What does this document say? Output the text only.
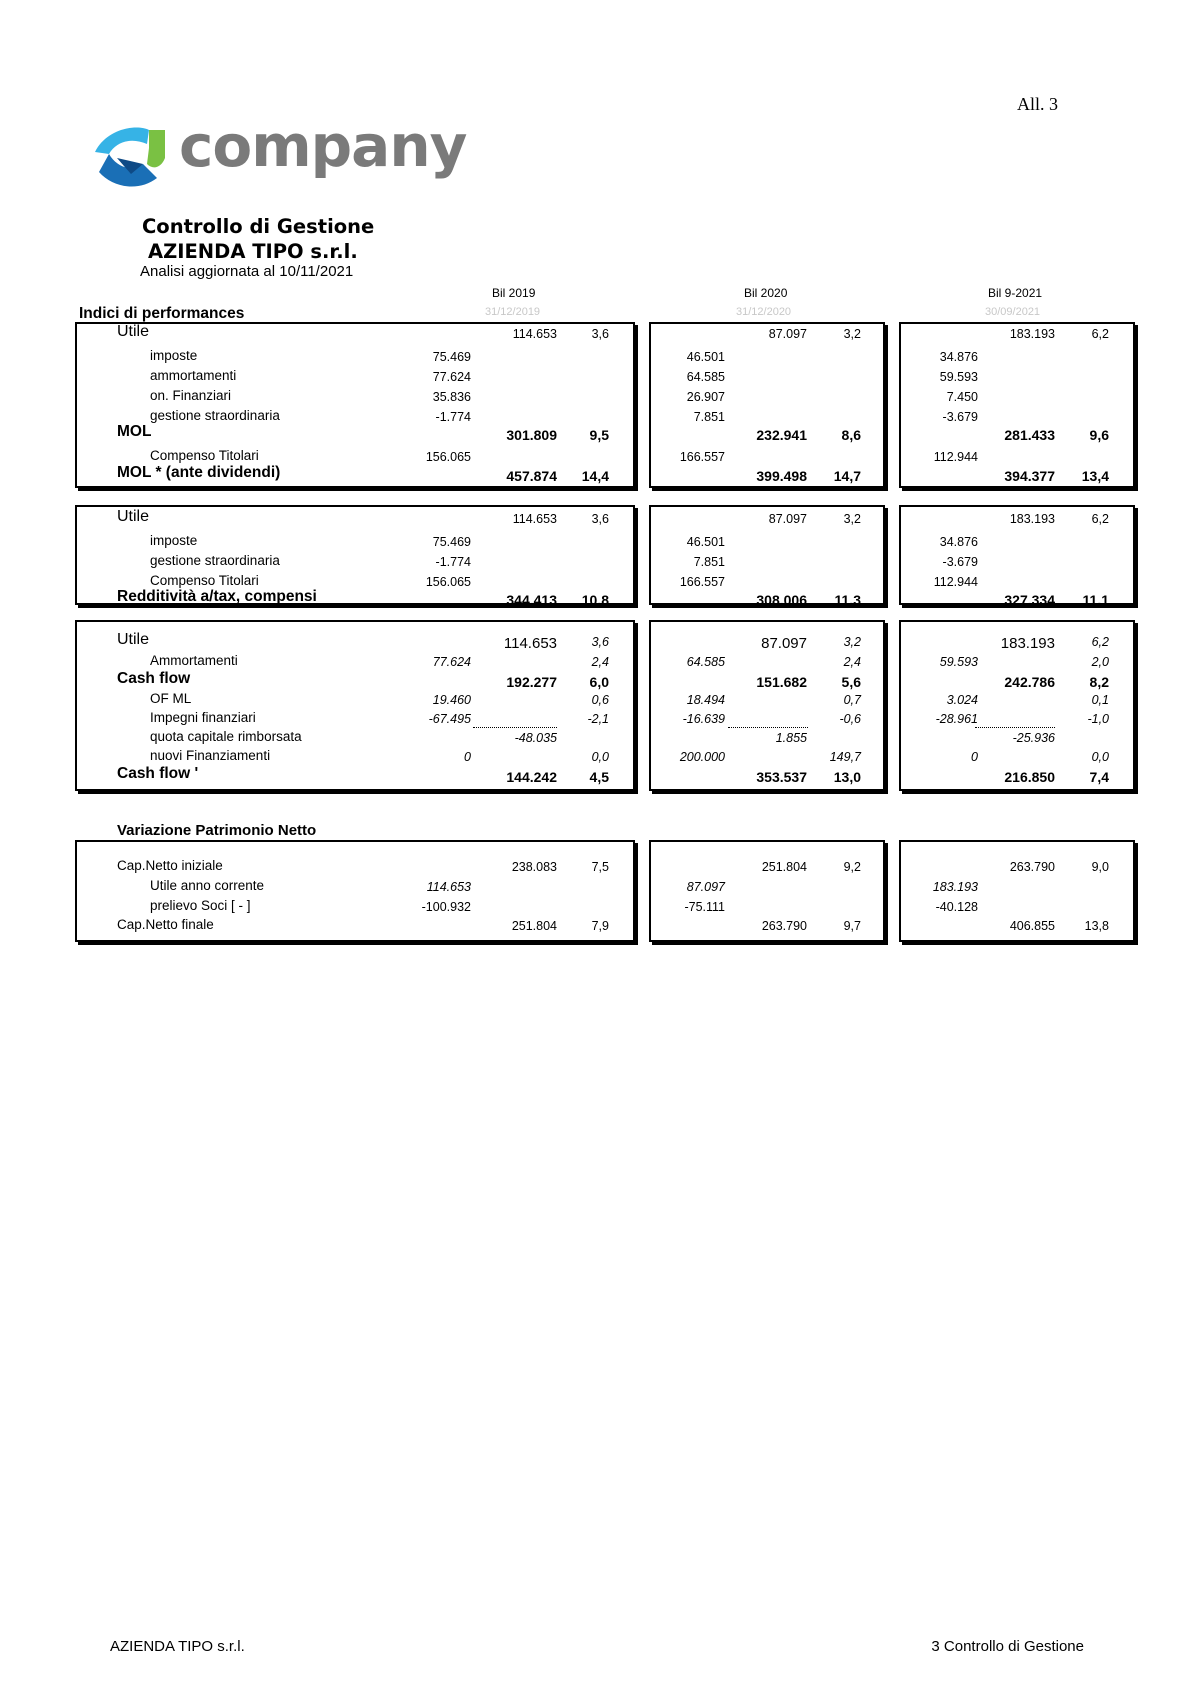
All. 3
company
Controllo di Gestione
AZIENDA TIPO s.r.l.
Analisi aggiornata al 10/11/2021
Bil 2019
31/12/2019
Bil 2020
31/12/2020
Bil 9-2021
30/09/2021
Indici di performances
Variazione Patrimonio Netto
Utile	114.653	3,6	87.097	3,2	183.193	6,2
imposte	75.469	46.501	34.876
ammortamenti	77.624	64.585	59.593
on. Finanziari	35.836	26.907	7.450
gestione straordinaria	-1.774	7.851	-3.679
MOL	301.809 9,5	232.941 8,6	281.433 9,6
Compenso Titolari	156.065	166.557	112.944
MOL * (ante dividendi)	457.874 14,4	399.498 14,7	394.377 13,4
Utile	114.653	3,6	87.097	3,2	183.193	6,2
imposte	75.469	46.501	34.876
gestione straordinaria	-1.774	7.851	-3.679
Compenso Titolari	156.065	166.557	112.944
Redditività a/tax, compensi	344.413 10,8	308.006 11,3	327.334 11,1
Utile	114.653	3,6	87.097	3,2	183.193	6,2
Ammortamenti	77.624	2,4	64.585	2,4	59.593	2,0
Cash flow	192.277 6,0	151.682 5,6	242.786 8,2
OF ML	19.460	0,6	18.494	0,7	3.024	0,1
Impegni finanziari	-67.495	-2,1	-16.639	-0,6	-28.961	-1,0
quota capitale rimborsata	-48.035	1.855	-25.936
nuovi Finanziamenti	0	0,0	200.000	149,7	0	0,0
Cash flow '	144.242 4,5	353.537 13,0	216.850 7,4
Cap.Netto iniziale	238.083	7,5	251.804	9,2	263.790	9,0
Utile anno corrente	114.653	87.097	183.193
prelievo Soci [ - ]	-100.932	-75.111	-40.128
Cap.Netto finale	251.804	7,9	263.790	9,7	406.855 13,8
AZIENDA TIPO s.r.l.	3 Controllo di Gestione
